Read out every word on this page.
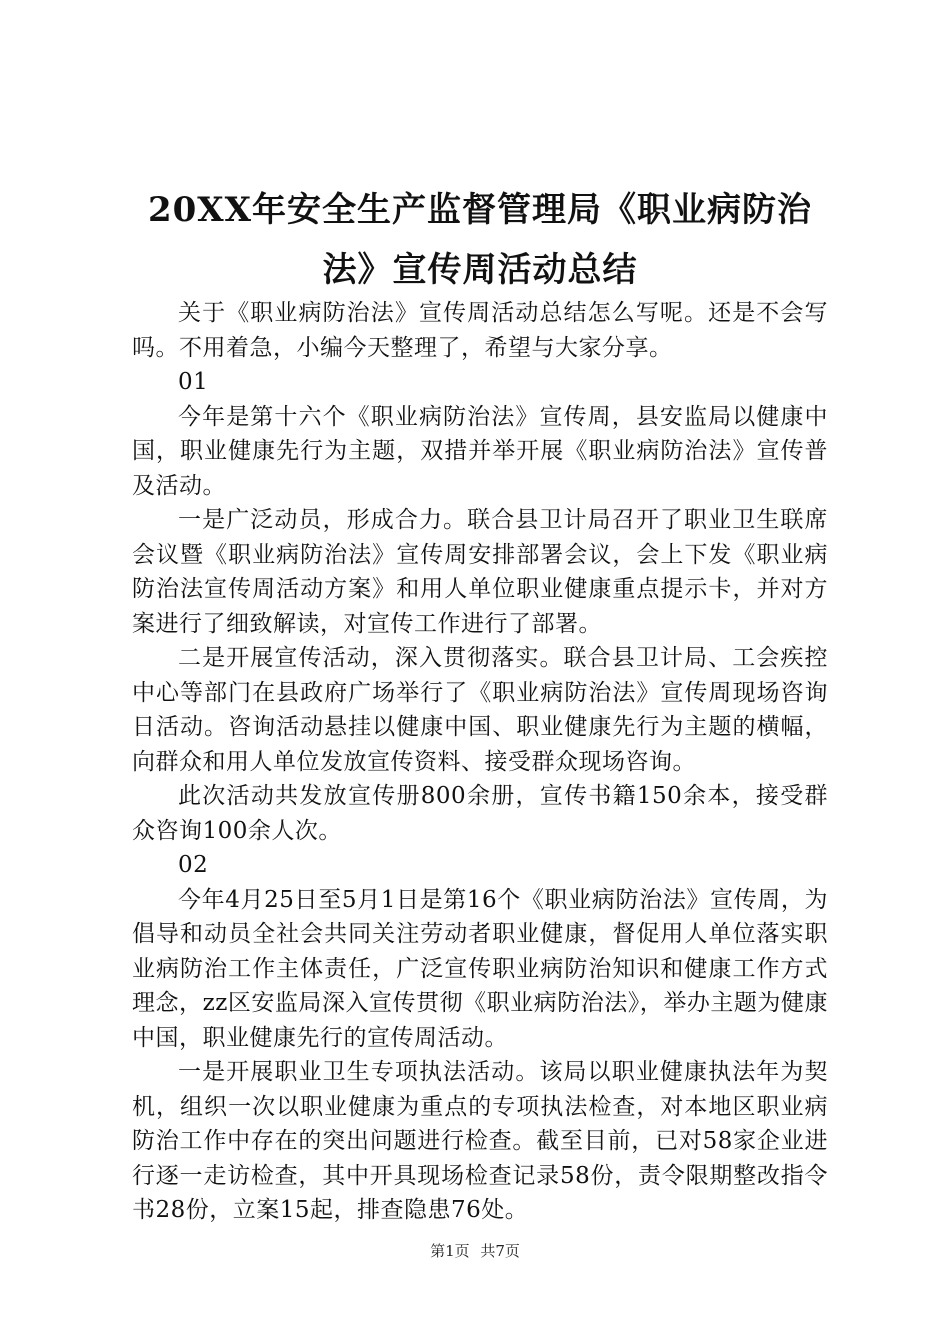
20XX年安全生产监督管理局《职业病防治
法》宣传周活动总结

关于《职业病防治法》宣传周活动总结怎么写呢。还是不会写吗。不用着急，小编今天整理了，希望与大家分享。

01

今年是第十六个《职业病防治法》宣传周，县安监局以健康中国，职业健康先行为主题，双措并举开展《职业病防治法》宣传普及活动。

一是广泛动员，形成合力。联合县卫计局召开了职业卫生联席会议暨《职业病防治法》宣传周安排部署会议，会上下发《职业病防治法宣传周活动方案》和用人单位职业健康重点提示卡，并对方案进行了细致解读，对宣传工作进行了部署。

二是开展宣传活动，深入贯彻落实。联合县卫计局、工会疾控中心等部门在县政府广场举行了《职业病防治法》宣传周现场咨询日活动。咨询活动悬挂以健康中国、职业健康先行为主题的横幅，向群众和用人单位发放宣传资料、接受群众现场咨询。

此次活动共发放宣传册800余册，宣传书籍150余本，接受群众咨询100余人次。

02

今年4月25日至5月1日是第16个《职业病防治法》宣传周，为倡导和动员全社会共同关注劳动者职业健康，督促用人单位落实职业病防治工作主体责任，广泛宣传职业病防治知识和健康工作方式理念，zz区安监局深入宣传贯彻《职业病防治法》，举办主题为健康中国，职业健康先行的宣传周活动。

一是开展职业卫生专项执法活动。该局以职业健康执法年为契机，组织一次以职业健康为重点的专项执法检查，对本地区职业病防治工作中存在的突出问题进行检查。截至目前，已对58家企业进行逐一走访检查，其中开具现场检查记录58份，责令限期整改指令书28份，立案15起，排查隐患76处。

第1页 共7页
